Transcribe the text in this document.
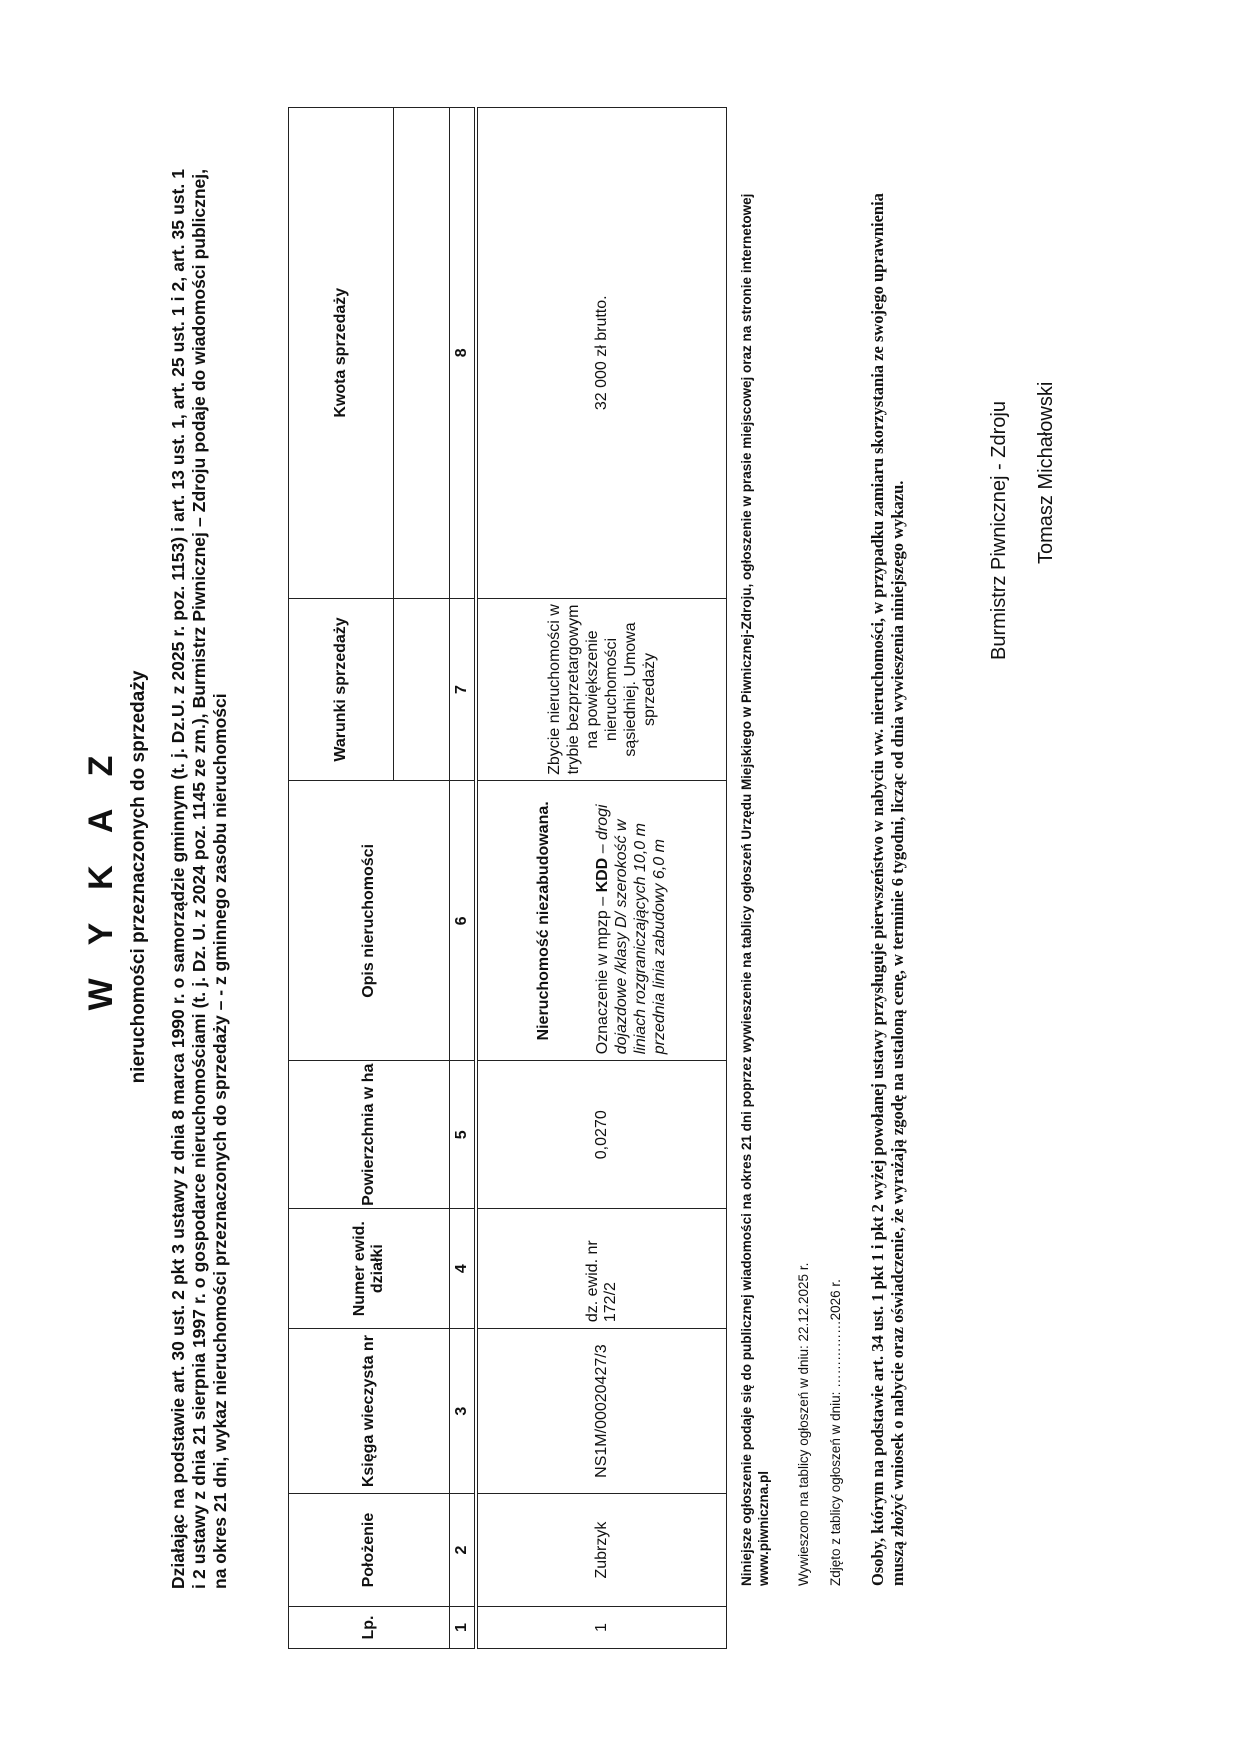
W Y K A Z nieruchomości przeznaczonych do sprzedaży Działając na podstawie art. 30 ust. 2 pkt 3 ustawy z dnia 8 marca 1990 r. o samorządzie gminnym (t. j. Dz.U. z 2025 r. poz. 1153) i art. 13 ust. 1, art. 25 ust. 1 i 2, art. 35 ust. 1 i 2 ustawy z dnia 21 sierpnia 1997 r. o gospodarce nieruchomościami (t. j. Dz. U. z 2024 poz. 1145 ze zm.), Burmistrz Piwnicznej – Zdroju podaje do wiadomości publicznej, na okres 21 dni, wykaz nieruchomości przeznaczonych do sprzedaży – - z gminnego zasobu nieruchomości
Lp.	Położenie	Księga wieczysta nr	Numer ewid. działki	Powierzchnia w ha	Opis nieruchomości	Warunki sprzedaży	Kwota sprzedaży

1	2	3	4	5	6	7	8
1	Zubrzyk	NS1M/00020427/3	dz. ewid. nr 172/2	0,0270	Nieruchomość niezabudowana. Oznaczenie w mpzp – KDD – drogi dojazdowe /klasy D/ szerokość w liniach rozgraniczających 10,0 m przednia linia zabudowy 6,0 m	Zbycie nieruchomości w trybie bezprzetargowym na powiększenie nieruchomości sąsiedniej. Umowa sprzedaży	32 000 zł brutto.	Niniejsze ogłoszenie podaje się do publicznej wiadomości na okres 21 dni poprzez wywieszenie na tablicy ogłoszeń Urzędu Miejskiego w Piwnicznej-Zdroju, ogłoszenie w prasie miejscowej oraz na stronie internetowej www.piwniczna.pl Wywieszono na tablicy ogłoszeń w dniu: 22.12.2025 r. Zdjęto z tablicy ogłoszeń w dniu: ……………2026 r. Osoby, którym na podstawie art. 34 ust. 1 pkt 1 i pkt 2 wyżej powołanej ustawy przysługuje pierwszeństwo w nabyciu ww. nieruchomości, w przypadku zamiaru skorzystania ze swojego uprawnienia muszą złożyć wniosek o nabycie oraz oświadczenie, że wyrażają zgodę na ustaloną cenę, w terminie 6 tygodni, licząc od dnia wywieszenia niniejszego wykazu.	Burmistrz Piwnicznej - Zdroju Tomasz Michałowski
